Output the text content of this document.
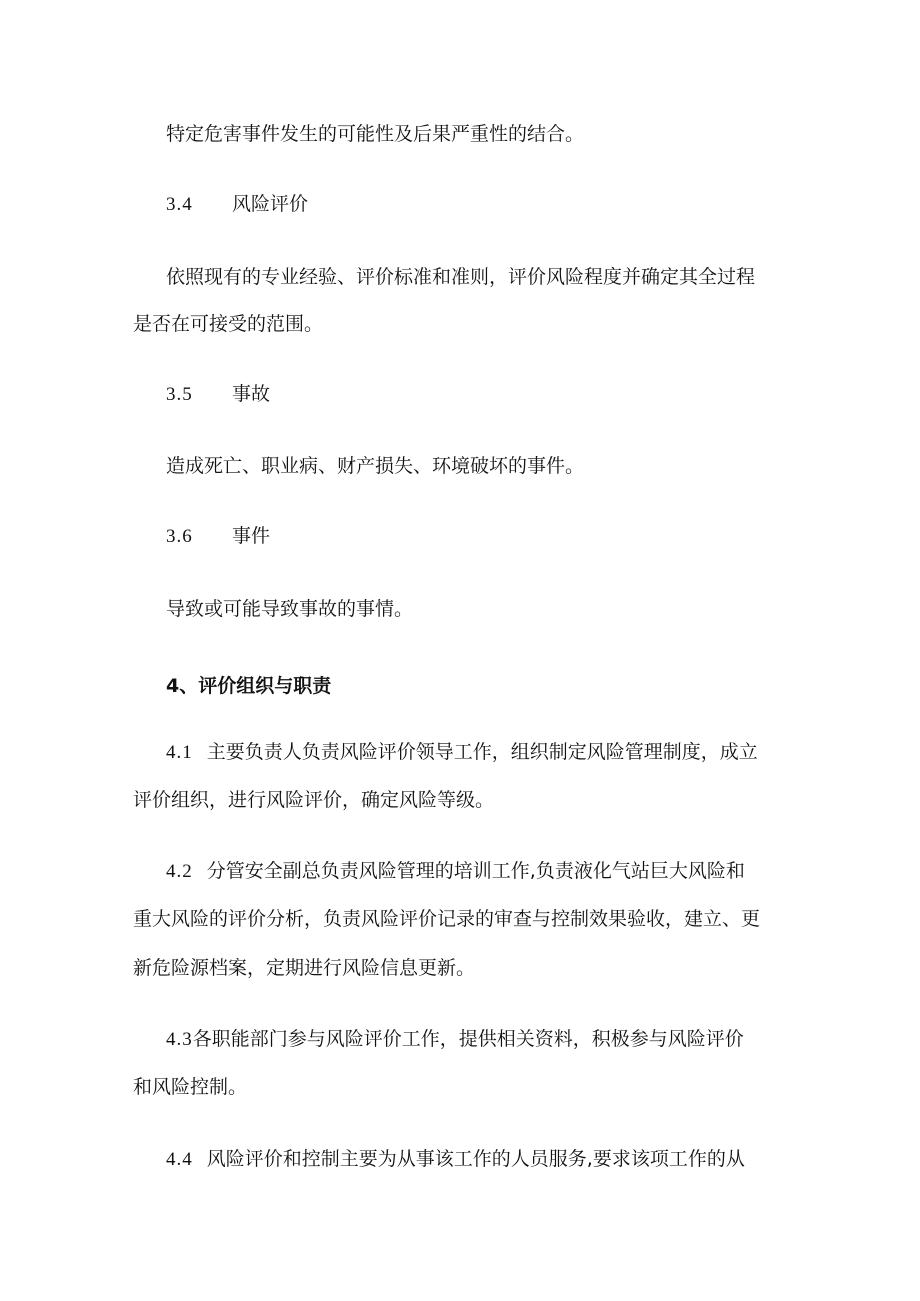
特定危害事件发生的可能性及后果严重性的结合。
3.4 风险评价
依照现有的专业经验、评价标准和准则，评价风险程度并确定其全过程
是否在可接受的范围。
3.5 事故
造成死亡、职业病、财产损失、环境破坏的事件。
3.6 事件
导致或可能导致事故的事情。
4、评价组织与职责
4.1 主要负责人负责风险评价领导工作，组织制定风险管理制度，成立
评价组织，进行风险评价，确定风险等级。
4.2 分管安全副总负责风险管理的培训工作,负责液化气站巨大风险和
重大风险的评价分析，负责风险评价记录的审查与控制效果验收，建立、更
新危险源档案，定期进行风险信息更新。
4.3各职能部门参与风险评价工作，提供相关资料，积极参与风险评价
和风险控制。
4.4 风险评价和控制主要为从事该工作的人员服务,要求该项工作的从
